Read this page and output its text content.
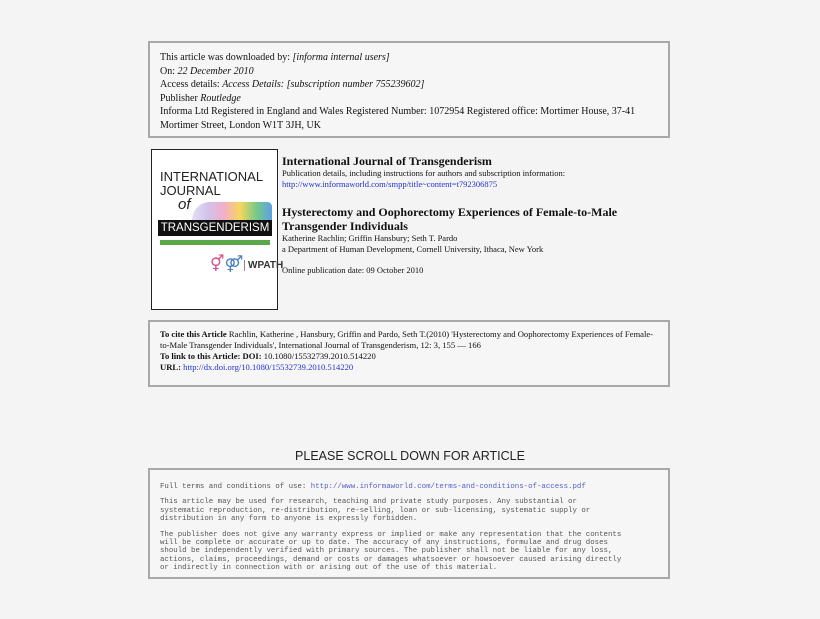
This article was downloaded by: [informa internal users]
On: 22 December 2010
Access details: Access Details: [subscription number 755239602]
Publisher Routledge
Informa Ltd Registered in England and Wales Registered Number: 1072954 Registered office: Mortimer House, 37-41 Mortimer Street, London W1T 3JH, UK
INTERNATIONAL
JOURNAL
of
TRANSGENDERISM
⚥⚤ WPATH
International Journal of Transgenderism
Publication details, including instructions for authors and subscription information:
http://www.informaworld.com/smpp/title~content=t792306875
Hysterectomy and Oophorectomy Experiences of Female-to-Male Transgender Individuals
Katherine Rachlin; Griffin Hansbury; Seth T. Pardo
a Department of Human Development, Cornell University, Ithaca, New York
Online publication date: 09 October 2010
To cite this Article Rachlin, Katherine , Hansbury, Griffin and Pardo, Seth T.(2010) 'Hysterectomy and Oophorectomy Experiences of Female-to-Male Transgender Individuals', International Journal of Transgenderism, 12: 3, 155 — 166
To link to this Article: DOI: 10.1080/15532739.2010.514220
URL: http://dx.doi.org/10.1080/15532739.2010.514220
PLEASE SCROLL DOWN FOR ARTICLE

Full terms and conditions of use: http://www.informaworld.com/terms-and-conditions-of-access.pdf

This article may be used for research, teaching and private study purposes. Any substantial or
systematic reproduction, re-distribution, re-selling, loan or sub-licensing, systematic supply or
distribution in any form to anyone is expressly forbidden.

The publisher does not give any warranty express or implied or make any representation that the contents
will be complete or accurate or up to date. The accuracy of any instructions, formulae and drug doses
should be independently verified with primary sources. The publisher shall not be liable for any loss,
actions, claims, proceedings, demand or costs or damages whatsoever or howsoever caused arising directly
or indirectly in connection with or arising out of the use of this material.
